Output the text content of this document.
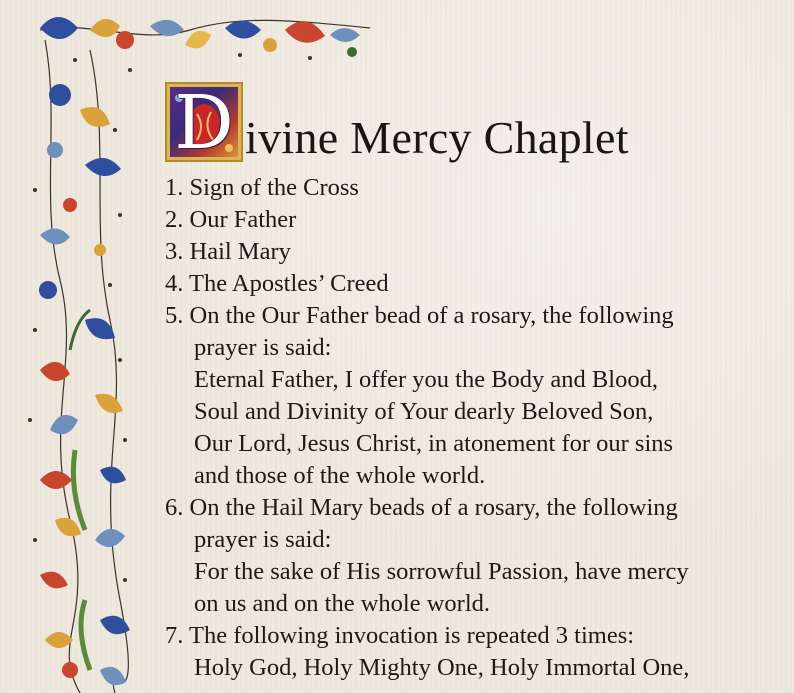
D ivine Mercy Chaplet
1. Sign of the Cross
2. Our Father
3. Hail Mary
4. The Apostles’ Creed
5. On the Our Father bead of a rosary, the following
prayer is said:
Eternal Father, I offer you the Body and Blood,
Soul and Divinity of Your dearly Beloved Son,
Our Lord, Jesus Christ, in atonement for our sins
and those of the whole world.
6. On the Hail Mary beads of a rosary, the following
prayer is said:
For the sake of His sorrowful Passion, have mercy
on us and on the whole world.
7. The following invocation is repeated 3 times:
Holy God, Holy Mighty One, Holy Immortal One,
